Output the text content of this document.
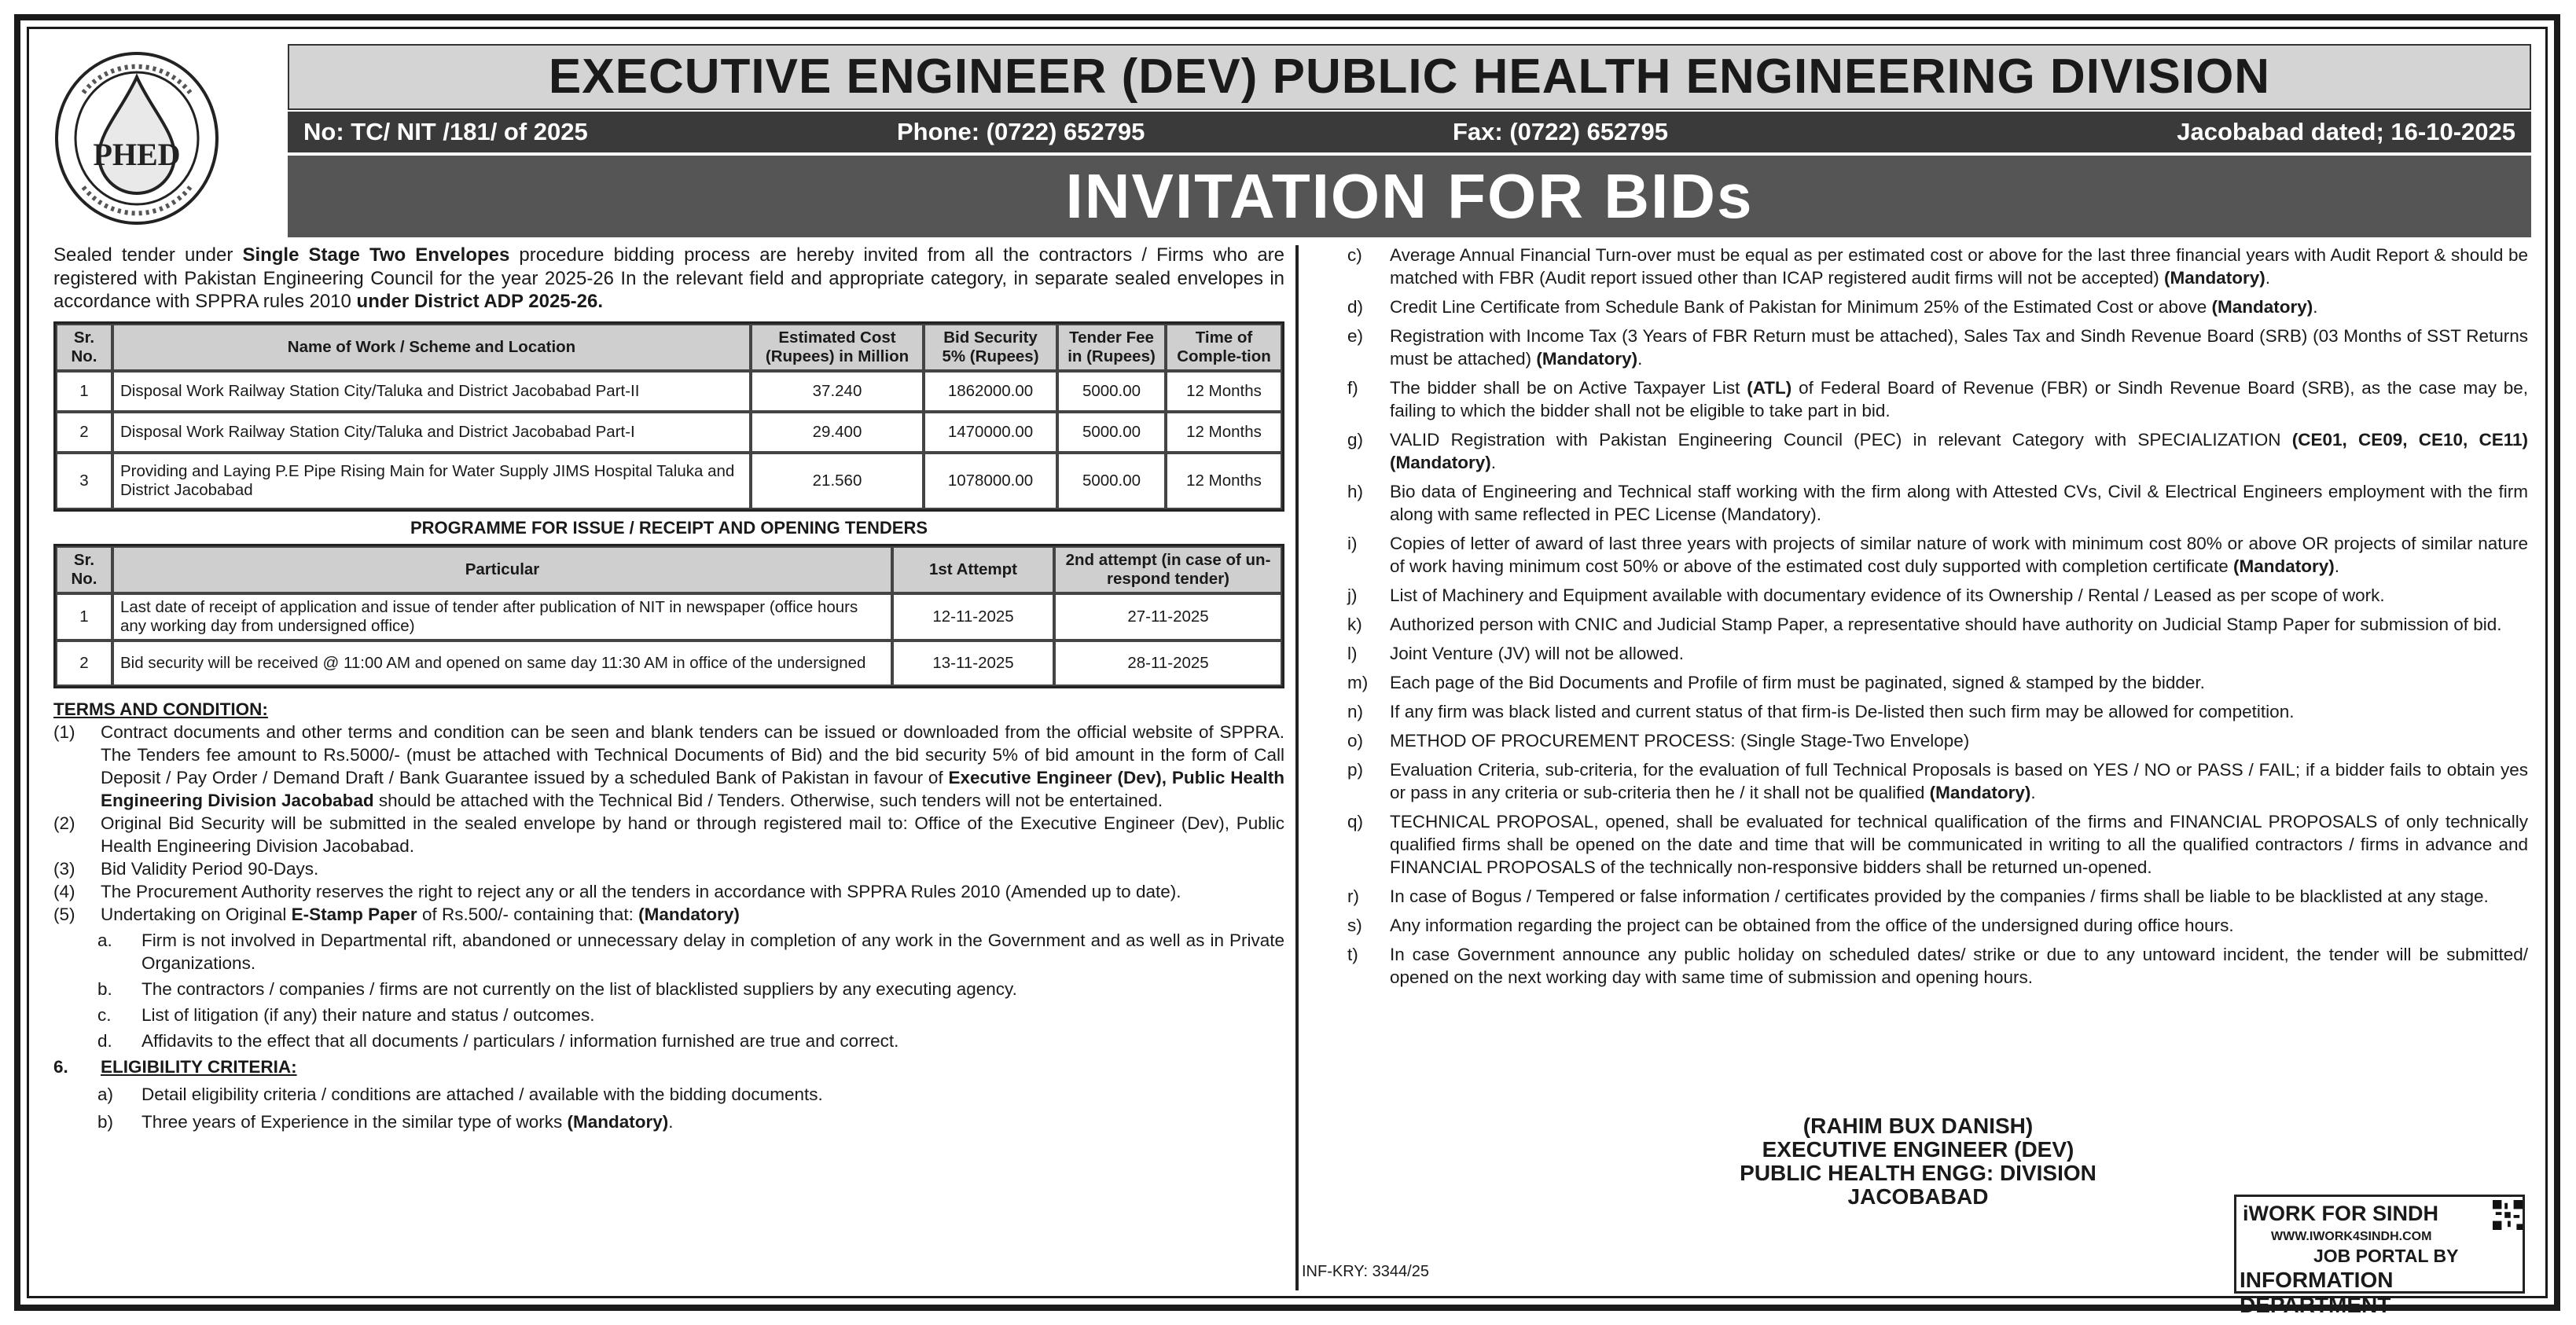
PHED
EXECUTIVE ENGINEER (DEV) PUBLIC HEALTH ENGINEERING DIVISION
No: TC/ NIT /181/ of 2025	Phone: (0722) 652795	Fax: (0722) 652795	Jacobabad dated; 16-10-2025
INVITATION FOR BIDs

Sealed tender under Single Stage Two Envelopes procedure bidding process are hereby invited from all the contractors / Firms who are registered with Pakistan Engineering Council for the year 2025-26 In the relevant field and appropriate category, in separate sealed envelopes in accordance with SPPRA rules 2010 under District ADP 2025-26.

Sr. No.	Name of Work / Scheme and Location	Estimated Cost (Rupees) in Million	Bid Security 5% (Rupees)	Tender Fee in (Rupees)	Time of Comple-tion
1	Disposal Work Railway Station City/Taluka and District Jacobabad Part-II	37.240	1862000.00	5000.00	12 Months
2	Disposal Work Railway Station City/Taluka and District Jacobabad Part-I	29.400	1470000.00	5000.00	12 Months
3	Providing and Laying P.E Pipe Rising Main for Water Supply JIMS Hospital Taluka and District Jacobabad	21.560	1078000.00	5000.00	12 Months
PROGRAMME FOR ISSUE / RECEIPT AND OPENING TENDERS
Sr. No.	Particular	1st Attempt	2nd attempt (in case of un-respond tender)
1	Last date of receipt of application and issue of tender after publication of NIT in newspaper (office hours any working day from undersigned office)	12-11-2025	27-11-2025
2	Bid security will be received @ 11:00 AM and opened on same day 11:30 AM in office of the undersigned	13-11-2025	28-11-2025
TERMS AND CONDITION:
(1)	Contract documents and other terms and condition can be seen and blank tenders can be issued or downloaded from the official website of SPPRA. The Tenders fee amount to Rs.5000/- (must be attached with Technical Documents of Bid) and the bid security 5% of bid amount in the form of Call Deposit / Pay Order / Demand Draft / Bank Guarantee issued by a scheduled Bank of Pakistan in favour of Executive Engineer (Dev), Public Health Engineering Division Jacobabad should be attached with the Technical Bid / Tenders. Otherwise, such tenders will not be entertained.
(2)	Original Bid Security will be submitted in the sealed envelope by hand or through registered mail to: Office of the Executive Engineer (Dev), Public Health Engineering Division Jacobabad.
(3)	Bid Validity Period 90-Days.
(4)	The Procurement Authority reserves the right to reject any or all the tenders in accordance with SPPRA Rules 2010 (Amended up to date).
(5)	Undertaking on Original E-Stamp Paper of Rs.500/- containing that: (Mandatory)
a.	Firm is not involved in Departmental rift, abandoned or unnecessary delay in completion of any work in the Government and as well as in Private Organizations.
b.	The contractors / companies / firms are not currently on the list of blacklisted suppliers by any executing agency.
c.	List of litigation (if any) their nature and status / outcomes.
d.	Affidavits to the effect that all documents / particulars / information furnished are true and correct.
6.	ELIGIBILITY CRITERIA:
a)	Detail eligibility criteria / conditions are attached / available with the bidding documents.
b)	Three years of Experience in the similar type of works (Mandatory).
c)	Average Annual Financial Turn-over must be equal as per estimated cost or above for the last three financial years with Audit Report & should be matched with FBR (Audit report issued other than ICAP registered audit firms will not be accepted) (Mandatory).
d)	Credit Line Certificate from Schedule Bank of Pakistan for Minimum 25% of the Estimated Cost or above (Mandatory).
e)	Registration with Income Tax (3 Years of FBR Return must be attached), Sales Tax and Sindh Revenue Board (SRB) (03 Months of SST Returns must be attached) (Mandatory).
f)	The bidder shall be on Active Taxpayer List (ATL) of Federal Board of Revenue (FBR) or Sindh Revenue Board (SRB), as the case may be, failing to which the bidder shall not be eligible to take part in bid.
g)	VALID Registration with Pakistan Engineering Council (PEC) in relevant Category with SPECIALIZATION (CE01, CE09, CE10, CE11) (Mandatory).
h)	Bio data of Engineering and Technical staff working with the firm along with Attested CVs, Civil & Electrical Engineers employment with the firm along with same reflected in PEC License (Mandatory).
i)	Copies of letter of award of last three years with projects of similar nature of work with minimum cost 80% or above OR projects of similar nature of work having minimum cost 50% or above of the estimated cost duly supported with completion certificate (Mandatory).
j)	List of Machinery and Equipment available with documentary evidence of its Ownership / Rental / Leased as per scope of work.
k)	Authorized person with CNIC and Judicial Stamp Paper, a representative should have authority on Judicial Stamp Paper for submission of bid.
l)	Joint Venture (JV) will not be allowed.
m)	Each page of the Bid Documents and Profile of firm must be paginated, signed & stamped by the bidder.
n)	If any firm was black listed and current status of that firm-is De-listed then such firm may be allowed for competition.
o)	METHOD OF PROCUREMENT PROCESS: (Single Stage-Two Envelope)
p)	Evaluation Criteria, sub-criteria, for the evaluation of full Technical Proposals is based on YES / NO or PASS / FAIL; if a bidder fails to obtain yes or pass in any criteria or sub-criteria then he / it shall not be qualified (Mandatory).
q)	TECHNICAL PROPOSAL, opened, shall be evaluated for technical qualification of the firms and FINANCIAL PROPOSALS of only technically qualified firms shall be opened on the date and time that will be communicated in writing to all the qualified contractors / firms in advance and FINANCIAL PROPOSALS of the technically non-responsive bidders shall be returned un-opened.
r)	In case of Bogus / Tempered or false information / certificates provided by the companies / firms shall be liable to be blacklisted at any stage.
s)	Any information regarding the project can be obtained from the office of the undersigned during office hours.
t)	In case Government announce any public holiday on scheduled dates/ strike or due to any untoward incident, the tender will be submitted/ opened on the next working day with same time of submission and opening hours.
(RAHIM BUX DANISH)
EXECUTIVE ENGINEER (DEV)
PUBLIC HEALTH ENGG: DIVISION
JACOBABAD
INF-KRY: 3344/25
iWORK FOR SINDH
WWW.IWORK4SINDH.COM
JOB PORTAL BY
INFORMATION DEPARTMENT
